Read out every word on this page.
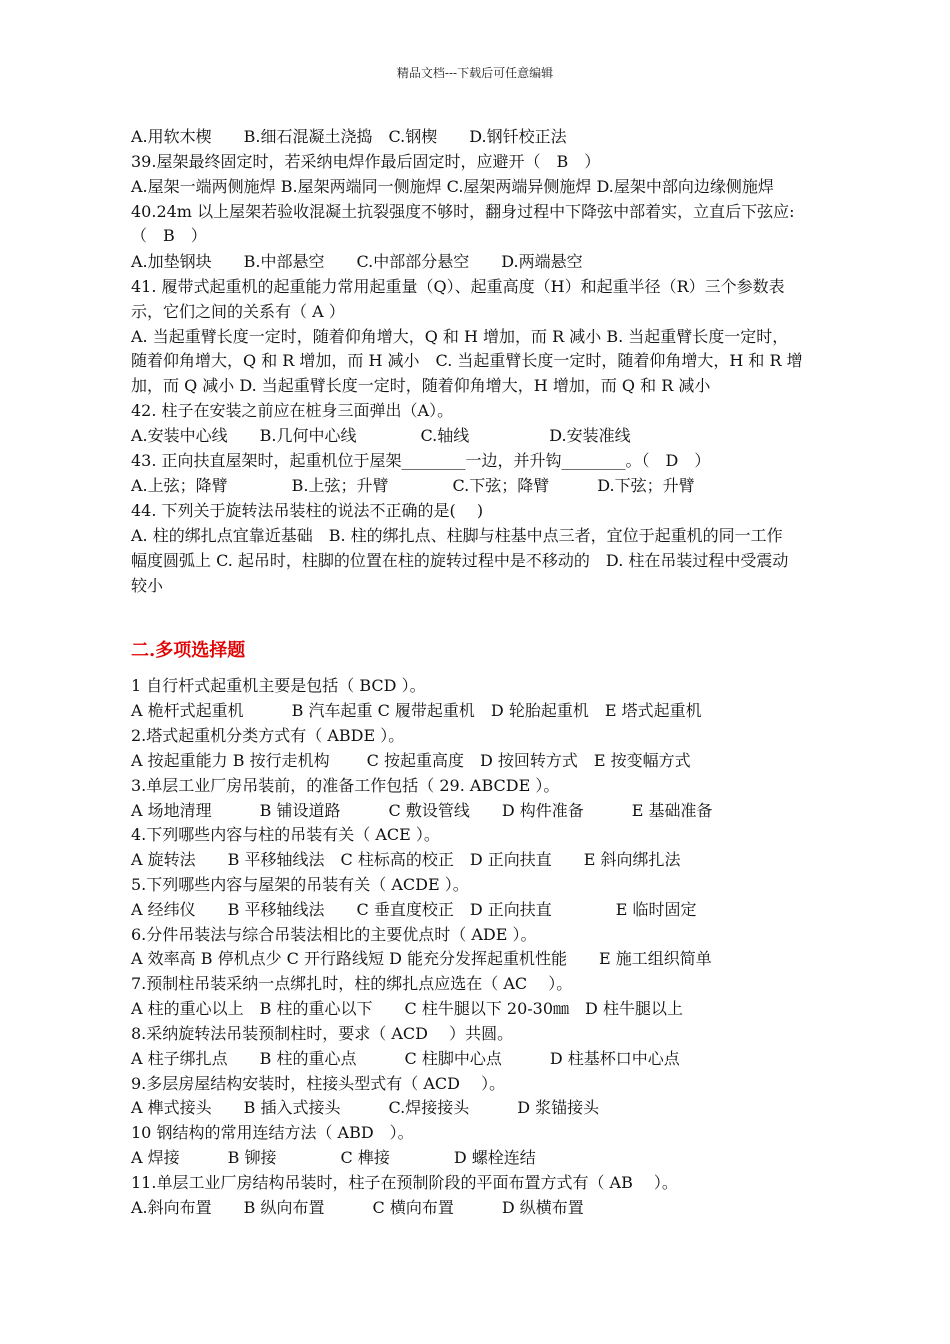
精品文档---下载后可任意编辑
A.用软木楔　　B.细石混凝土浇捣　C.钢楔　　D.钢钎校正法
39.屋架最终固定时，若采纳电焊作最后固定时，应避开（　B　）
A.屋架一端两侧施焊 B.屋架两端同一侧施焊 C.屋架两端异侧施焊 D.屋架中部向边缘侧施焊
40.24m 以上屋架若验收混凝土抗裂强度不够时，翻身过程中下降弦中部着实，立直后下弦应:
（　B　）
A.加垫钢块　　B.中部悬空　　C.中部部分悬空　　D.两端悬空
41. 履带式起重机的起重能力常用起重量（Q）、起重高度（H）和起重半径（R）三个参数表
示，它们之间的关系有（ A ）
A. 当起重臂长度一定时，随着仰角增大，Q 和 H 增加，而 R 减小 B. 当起重臂长度一定时，
随着仰角增大，Q 和 R 增加，而 H 减小　C. 当起重臂长度一定时，随着仰角增大，H 和 R 增
加，而 Q 减小 D. 当起重臂长度一定时，随着仰角增大，H 增加，而 Q 和 R 减小
42. 柱子在安装之前应在桩身三面弹出（A）。
A.安装中心线　　B.几何中心线　　　　C.轴线　　　　　D.安装准线
43. 正向扶直屋架时，起重机位于屋架________一边，并升钩________。（　D　）
A.上弦；降臂　　　　B.上弦；升臂　　　　C.下弦；降臂　　　D.下弦；升臂
44. 下列关于旋转法吊装柱的说法不正确的是(　 )
A. 柱的绑扎点宜靠近基础　B. 柱的绑扎点、柱脚与柱基中点三者，宜位于起重机的同一工作
幅度圆弧上 C. 起吊时，柱脚的位置在柱的旋转过程中是不移动的　D. 柱在吊装过程中受震动
较小
二.多项选择题
1 自行杆式起重机主要是包括（ BCD ）。
A 桅杆式起重机　　　B 汽车起重 C 履带起重机　D 轮胎起重机　E 塔式起重机
2.塔式起重机分类方式有（ ABDE ）。
A 按起重能力 B 按行走机构　　 C 按起重高度　D 按回转方式　E 按变幅方式
3.单层工业厂房吊装前，的准备工作包括（ 29. ABCDE ）。
A 场地清理　　　B 铺设道路　　　C 敷设管线　　D 构件准备　　　E 基础准备
4.下列哪些内容与柱的吊装有关（ ACE ）。
A 旋转法　　B 平移轴线法　C 柱标高的校正　D 正向扶直　　E 斜向绑扎法
5.下列哪些内容与屋架的吊装有关（ ACDE ）。
A 经纬仪　　B 平移轴线法　　C 垂直度校正　D 正向扶直　　　　E 临时固定
6.分件吊装法与综合吊装法相比的主要优点时（ ADE ）。
A 效率高 B 停机点少 C 开行路线短 D 能充分发挥起重机性能　　E 施工组织简单
7.预制柱吊装采纳一点绑扎时，柱的绑扎点应选在（ AC　 ）。
A 柱的重心以上　B 柱的重心以下　　C 柱牛腿以下 20-30㎜　D 柱牛腿以上
8.采纳旋转法吊装预制柱时，要求（ ACD　 ）共圆。
A 柱子绑扎点　　B 柱的重心点　　　C 柱脚中心点　　　D 柱基杯口中心点
9.多层房屋结构安装时，柱接头型式有（ ACD　 ）。
A 榫式接头　　B 插入式接头　　　C.焊接接头　　　D 浆锚接头
10 钢结构的常用连结方法（ ABD　）。
A 焊接　　　B 铆接　　　　C 榫接　　　　D 螺栓连结
11.单层工业厂房结构吊装时，柱子在预制阶段的平面布置方式有（ AB　 ）。
A.斜向布置　　B 纵向布置　　　C 横向布置　　　D 纵横布置
